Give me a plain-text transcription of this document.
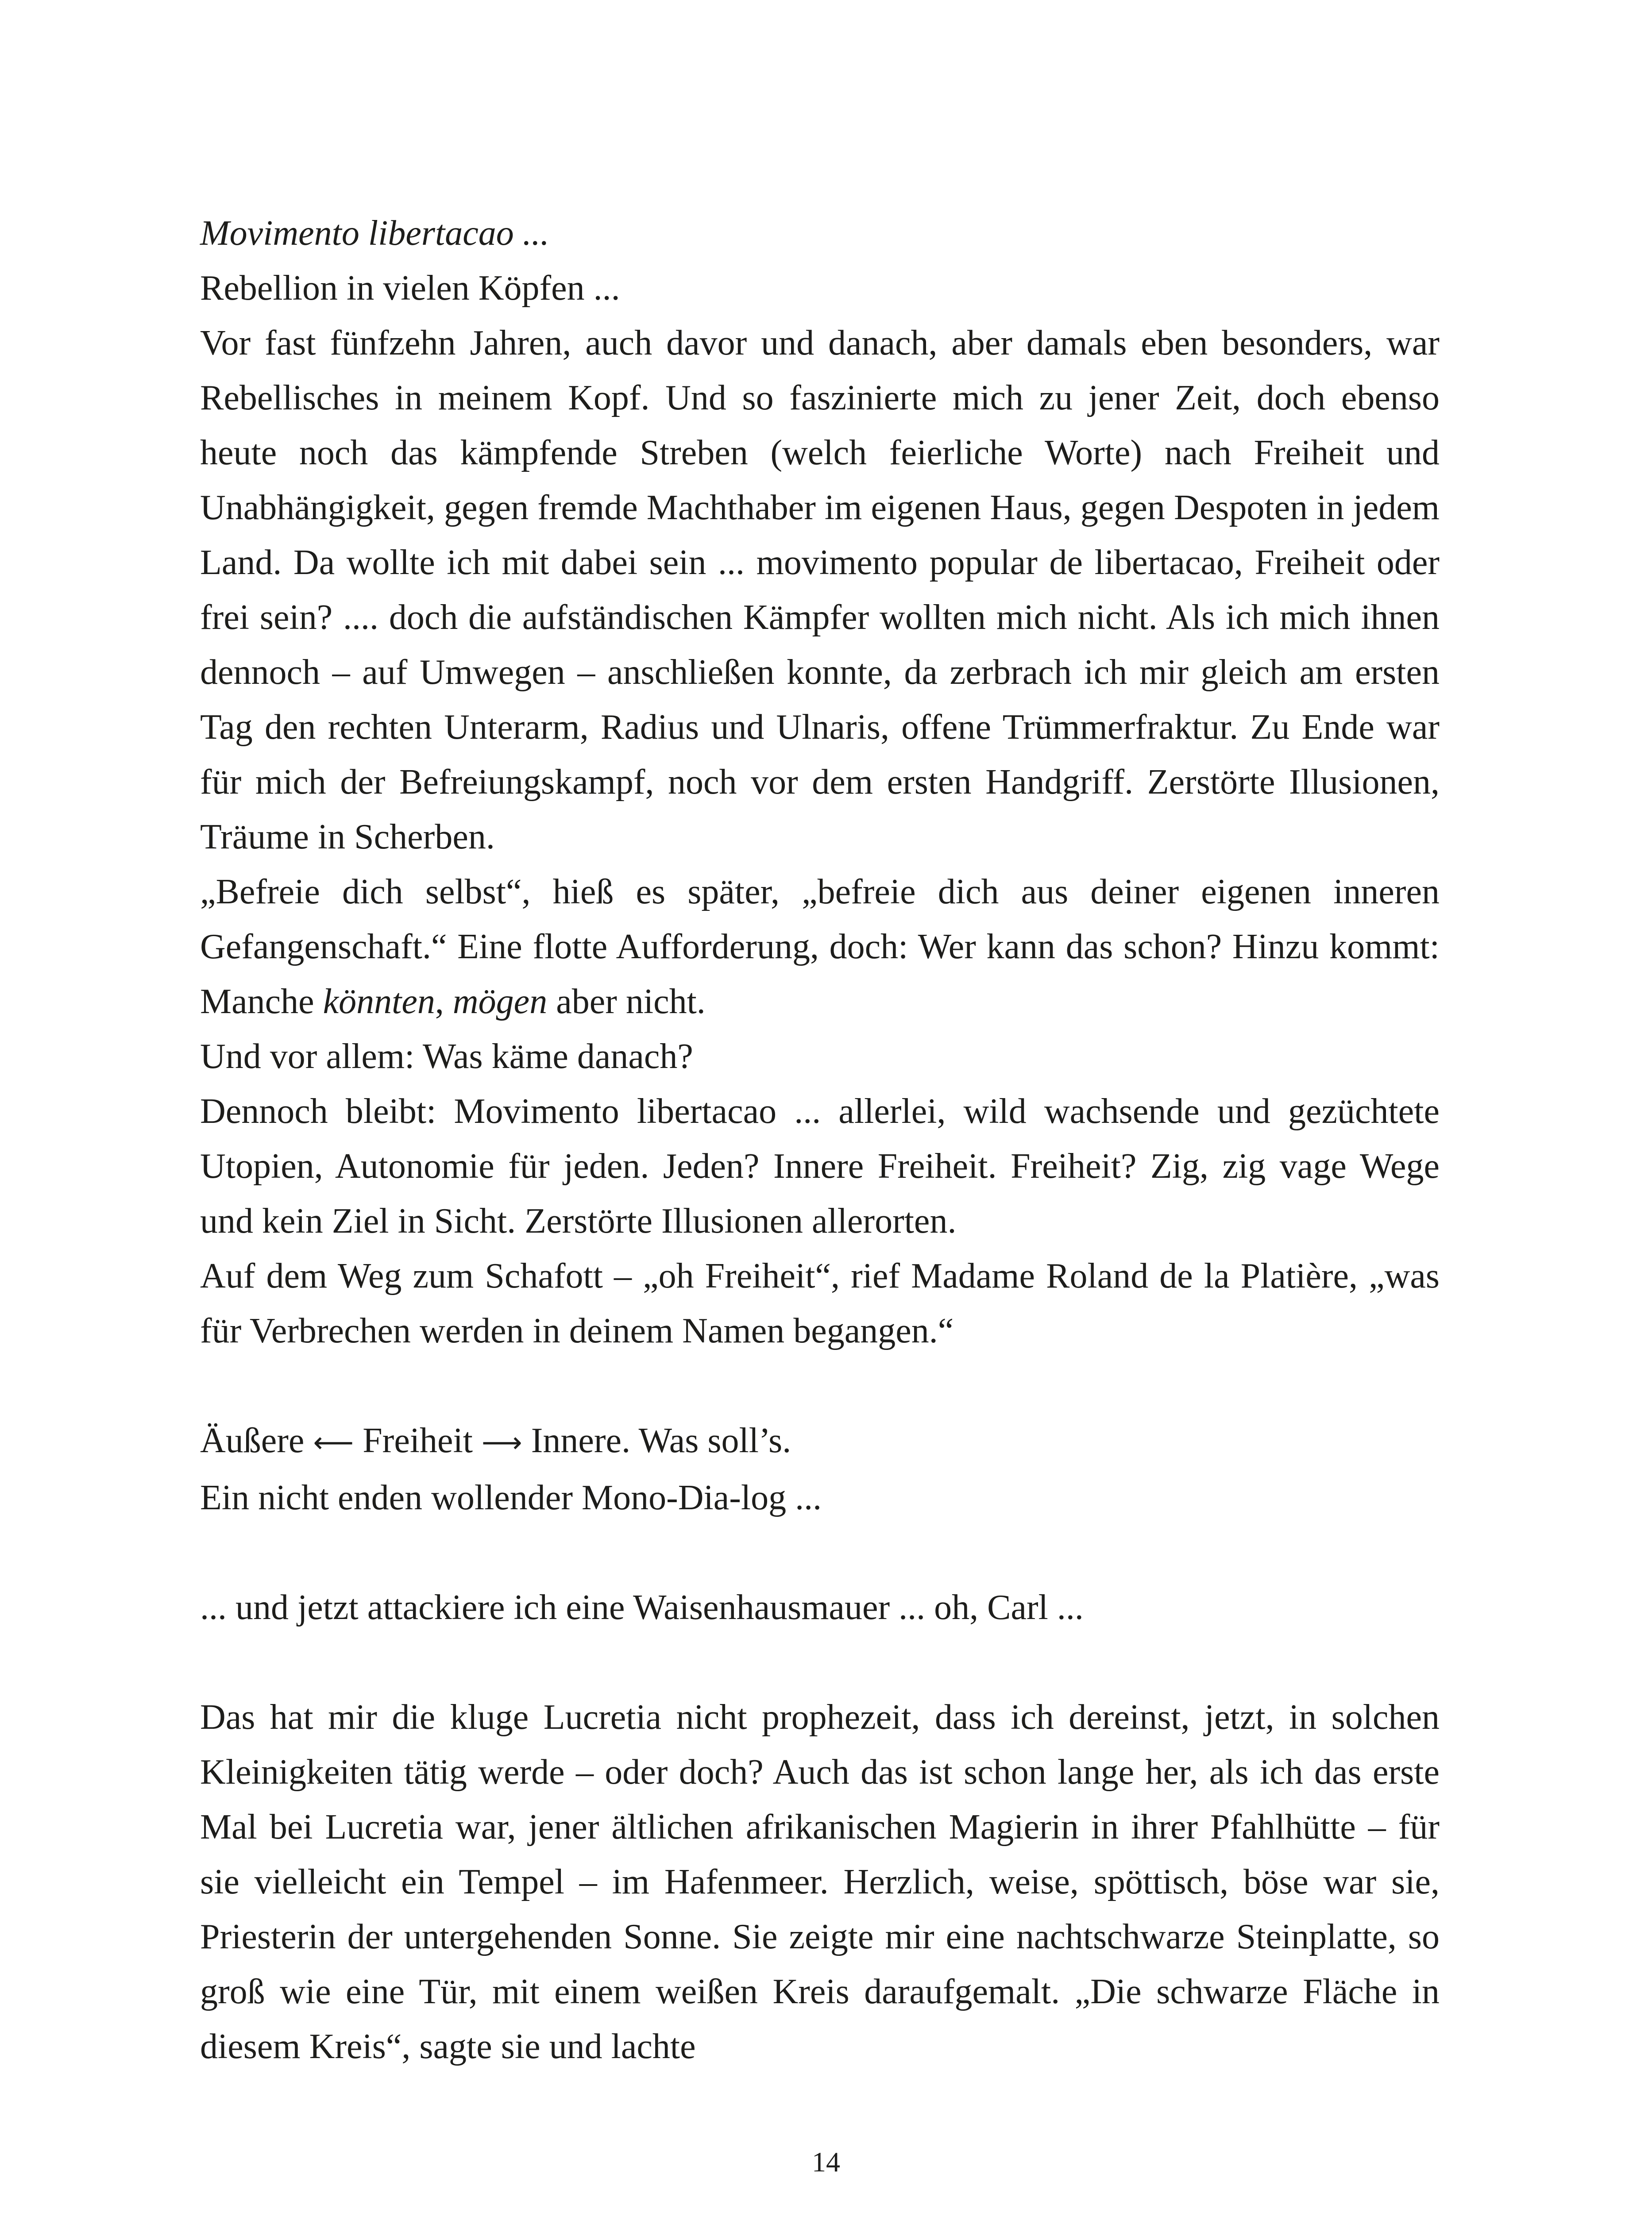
Movimento libertacao ...

Rebellion in vielen Köpfen ...

Vor fast fünfzehn Jahren, auch davor und danach, aber damals eben besonders, war Rebellisches in meinem Kopf. Und so faszinierte mich zu jener Zeit, doch ebenso heute noch das kämpfende Streben (welch feierliche Worte) nach Freiheit und Unabhängigkeit, gegen fremde Machthaber im eigenen Haus, gegen Despoten in jedem Land. Da wollte ich mit dabei sein ... movimento popular de libertacao, Freiheit oder frei sein? .... doch die aufständischen Kämpfer wollten mich nicht. Als ich mich ihnen dennoch – auf Umwegen – anschließen konnte, da zerbrach ich mir gleich am ersten Tag den rechten Unterarm, Radius und Ulnaris, offene Trümmerfraktur. Zu Ende war für mich der Befreiungskampf, noch vor dem ersten Handgriff. Zerstörte Illusionen, Träume in Scherben.

„Befreie dich selbst“, hieß es später, „befreie dich aus deiner eigenen inneren Gefangenschaft.“ Eine flotte Aufforderung, doch: Wer kann das schon? Hinzu kommt: Manche könnten, mögen aber nicht.

Und vor allem: Was käme danach?

Dennoch bleibt: Movimento libertacao ... allerlei, wild wachsende und gezüchtete Utopien, Autonomie für jeden. Jeden? Innere Freiheit. Freiheit? Zig, zig vage Wege und kein Ziel in Sicht. Zerstörte Illusionen allerorten.

Auf dem Weg zum Schafott – „oh Freiheit“, rief Madame Roland de la Platière, „was für Verbrechen werden in deinem Namen begangen.“

Äußere ⟵ Freiheit ⟶ Innere. Was soll’s.

Ein nicht enden wollender Mono-Dia-log ...

... und jetzt attackiere ich eine Waisenhausmauer ... oh, Carl ...

Das hat mir die kluge Lucretia nicht prophezeit, dass ich dereinst, jetzt, in solchen Kleinigkeiten tätig werde – oder doch? Auch das ist schon lange her, als ich das erste Mal bei Lucretia war, jener ältlichen afrikanischen Magierin in ihrer Pfahlhütte – für sie vielleicht ein Tempel – im Hafenmeer. Herzlich, weise, spöttisch, böse war sie, Priesterin der untergehenden Sonne. Sie zeigte mir eine nachtschwarze Steinplatte, so groß wie eine Tür, mit einem weißen Kreis daraufgemalt. „Die schwarze Fläche in diesem Kreis“, sagte sie und lachte

14
